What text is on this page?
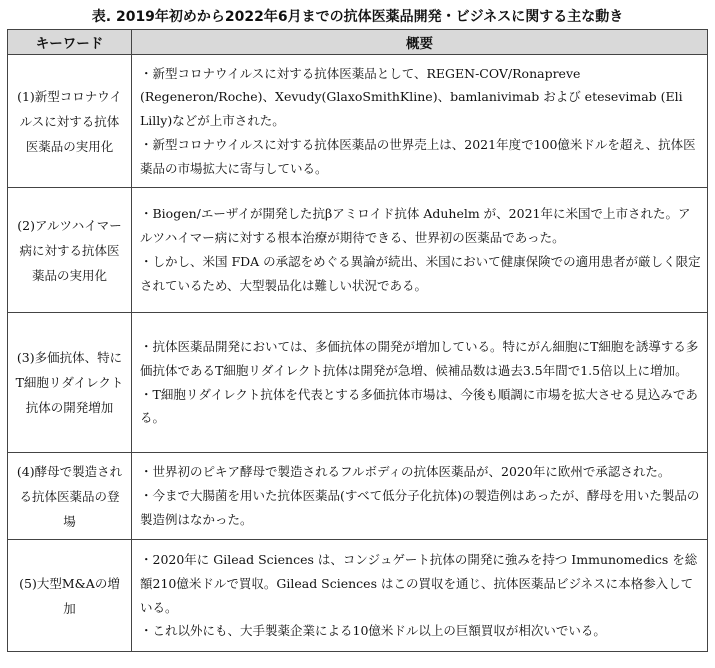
表. 2019年初めから2022年6月までの抗体医薬品開発・ビジネスに関する主な動き
キーワード	概要
(1)新型コロナウイルスに対する抗体医薬品の実用化	・新型コロナウイルスに対する抗体医薬品として、REGEN-COV/Ronapreve (Regeneron/Roche)、Xevudy(GlaxoSmithKline)、bamlanivimab および etesevimab (Eli Lilly)などが上市された。

・新型コロナウイルスに対する抗体医薬品の世界売上は、2021年度で100億米ドルを超え、抗体医薬品の市場拡大に寄与している。

(2)アルツハイマー病に対する抗体医薬品の実用化	・Biogen/エーザイが開発した抗βアミロイド抗体 Aduhelm が、2021年に米国で上市された。アルツハイマー病に対する根本治療が期待できる、世界初の医薬品であった。

・しかし、米国 FDA の承認をめぐる異論が続出、米国において健康保険での適用患者が厳しく限定されているため、大型製品化は難しい状況である。

(3)多価抗体、特にT細胞リダイレクト抗体の開発増加	・抗体医薬品開発においては、多価抗体の開発が増加している。特にがん細胞にT細胞を誘導する多価抗体であるT細胞リダイレクト抗体は開発が急増、候補品数は過去3.5年間で1.5倍以上に増加。

・T細胞リダイレクト抗体を代表とする多価抗体市場は、今後も順調に市場を拡大させる見込みである。

(4)酵母で製造される抗体医薬品の登場	・世界初のピキア酵母で製造されるフルボディの抗体医薬品が、2020年に欧州で承認された。

・今まで大腸菌を用いた抗体医薬品(すべて低分子化抗体)の製造例はあったが、酵母を用いた製品の製造例はなかった。

(5)大型M&Aの増加	・2020年に Gilead Sciences は、コンジュゲート抗体の開発に強みを持つ Immunomedics を総額210億米ドルで買収。Gilead Sciences はこの買収を通じ、抗体医薬品ビジネスに本格参入している。

・これ以外にも、大手製薬企業による10億米ドル以上の巨額買収が相次いでいる。
